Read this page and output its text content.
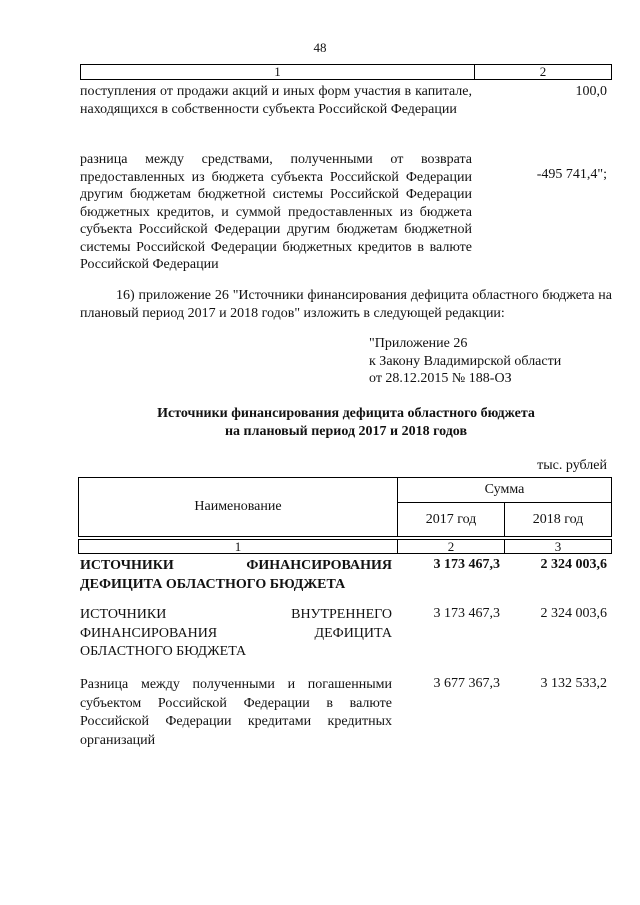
48
1	2
поступления от продажи акций и иных форм участия в капитале, находящихся в собственности субъекта Российской Федерации
100,0
разница между средствами, полученными от возврата предоставленных из бюджета субъекта Российской Федерации другим бюджетам бюджетной системы Российской Федерации бюджетных кредитов, и суммой предоставленных из бюджета субъекта Российской Федерации другим бюджетам бюджетной системы Российской Федерации бюджетных кредитов в валюте Российской Федерации
-495 741,4";
16) приложение 26 "Источники финансирования дефицита областного бюджета на плановый период 2017 и 2018 годов" изложить в следующей редакции:
"Приложение 26
к Закону Владимирской области
от 28.12.2015 № 188-ОЗ
Источники финансирования дефицита областного бюджета
на плановый период 2017 и 2018 годов
тыс. рублей
Наименование
Сумма
2017 год	2018 год
1	2	3
ИСТОЧНИКИ ФИНАНСИРОВАНИЯ ДЕФИЦИТА ОБЛАСТНОГО БЮДЖЕТА
3 173 467,3	2 324 003,6
ИСТОЧНИКИ ВНУТРЕННЕГО ФИНАНСИРОВАНИЯ ДЕФИЦИТА ОБЛАСТНОГО БЮДЖЕТА
3 173 467,3	2 324 003,6
Разница между полученными и погашенными субъектом Российской Федерации в валюте Российской Федерации кредитами кредитных организаций
3 677 367,3	3 132 533,2
